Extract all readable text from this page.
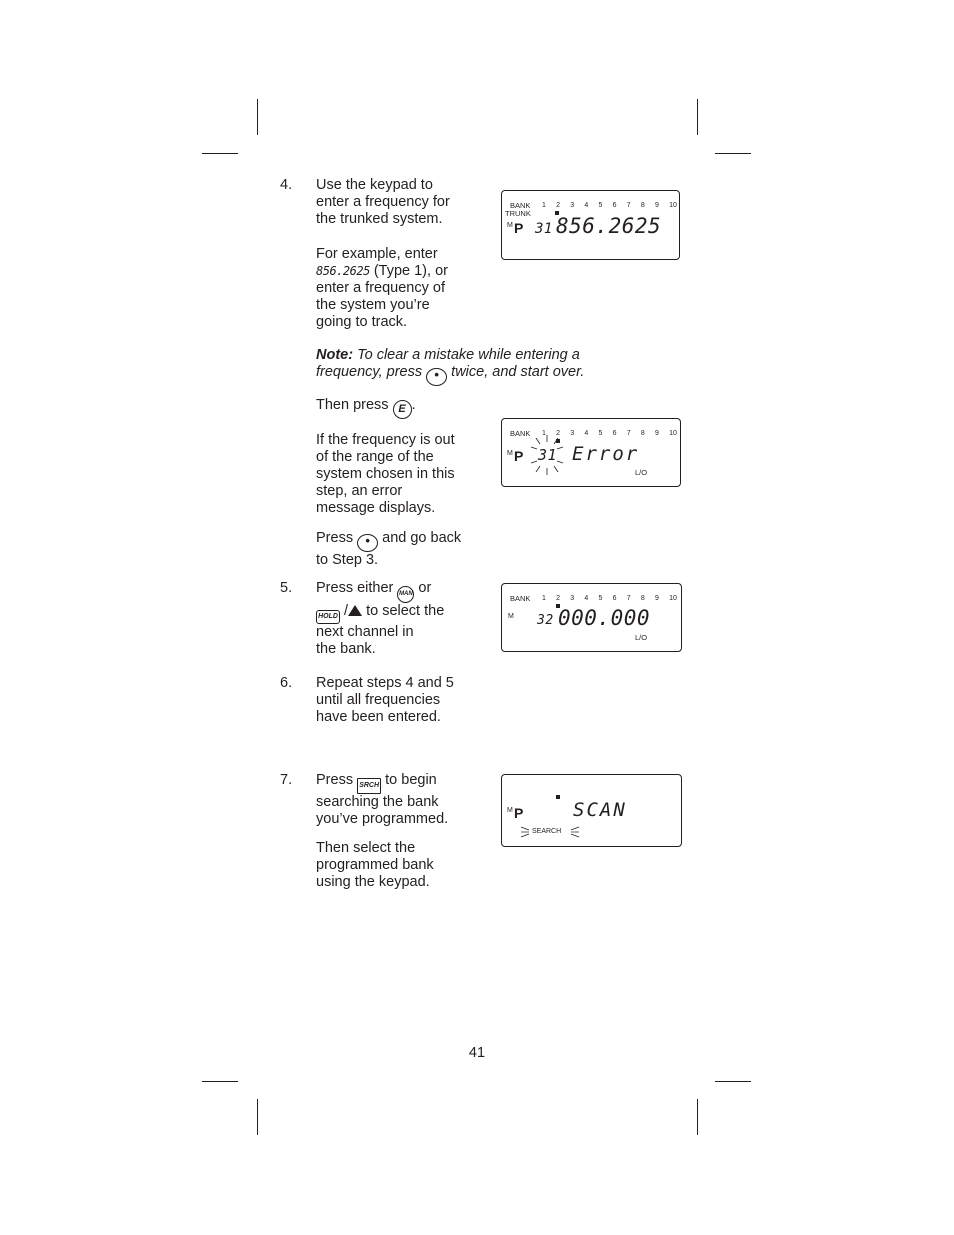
4. Use the keypad to
enter a frequency for
the trunked system.
For example, enter
856.2625 (Type 1), or
enter a frequency of
the system you’re
going to track.
Note: To clear a mistake while entering a
frequency, press • twice, and start over.
Then press E .
If the frequency is out
of the range of the
system chosen in this
step, an error
message displays.
Press • and go back
to Step 3.
5. Press either MAN or
HOLD / to select the
next channel in
the bank.
6. Repeat steps 4 and 5
until all frequencies
have been entered.
7. Press SRCH to begin
searching the bank
you’ve programmed.
Then select the
programmed bank
using the keypad.
BANK
TRUNK
1 2 3 4 5 6 7 8 9 10
M P 31 856.2625
BANK 1 2 3 4 5 6 7 8 9 10
M P 31 Error
L/O
BANK 1 2 3 4 5 6 7 8 9 10
M 32 000.000
L/O
M P	SCAN
SEARCH
41
